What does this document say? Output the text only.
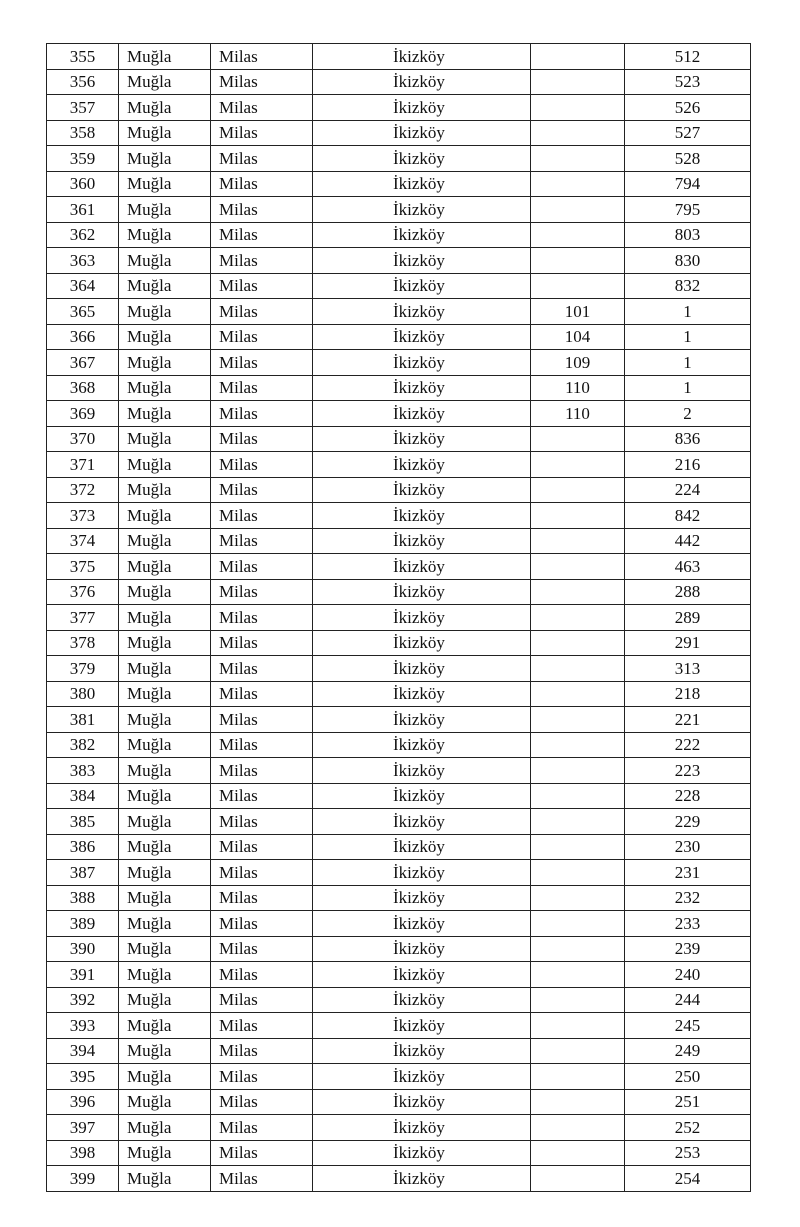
355	Muğla	Milas	İkizköy		512
356	Muğla	Milas	İkizköy		523
357	Muğla	Milas	İkizköy		526
358	Muğla	Milas	İkizköy		527
359	Muğla	Milas	İkizköy		528
360	Muğla	Milas	İkizköy		794
361	Muğla	Milas	İkizköy		795
362	Muğla	Milas	İkizköy		803
363	Muğla	Milas	İkizköy		830
364	Muğla	Milas	İkizköy		832
365	Muğla	Milas	İkizköy	101	1
366	Muğla	Milas	İkizköy	104	1
367	Muğla	Milas	İkizköy	109	1
368	Muğla	Milas	İkizköy	110	1
369	Muğla	Milas	İkizköy	110	2
370	Muğla	Milas	İkizköy		836
371	Muğla	Milas	İkizköy		216
372	Muğla	Milas	İkizköy		224
373	Muğla	Milas	İkizköy		842
374	Muğla	Milas	İkizköy		442
375	Muğla	Milas	İkizköy		463
376	Muğla	Milas	İkizköy		288
377	Muğla	Milas	İkizköy		289
378	Muğla	Milas	İkizköy		291
379	Muğla	Milas	İkizköy		313
380	Muğla	Milas	İkizköy		218
381	Muğla	Milas	İkizköy		221
382	Muğla	Milas	İkizköy		222
383	Muğla	Milas	İkizköy		223
384	Muğla	Milas	İkizköy		228
385	Muğla	Milas	İkizköy		229
386	Muğla	Milas	İkizköy		230
387	Muğla	Milas	İkizköy		231
388	Muğla	Milas	İkizköy		232
389	Muğla	Milas	İkizköy		233
390	Muğla	Milas	İkizköy		239
391	Muğla	Milas	İkizköy		240
392	Muğla	Milas	İkizköy		244
393	Muğla	Milas	İkizköy		245
394	Muğla	Milas	İkizköy		249
395	Muğla	Milas	İkizköy		250
396	Muğla	Milas	İkizköy		251
397	Muğla	Milas	İkizköy		252
398	Muğla	Milas	İkizköy		253
399	Muğla	Milas	İkizköy		254
